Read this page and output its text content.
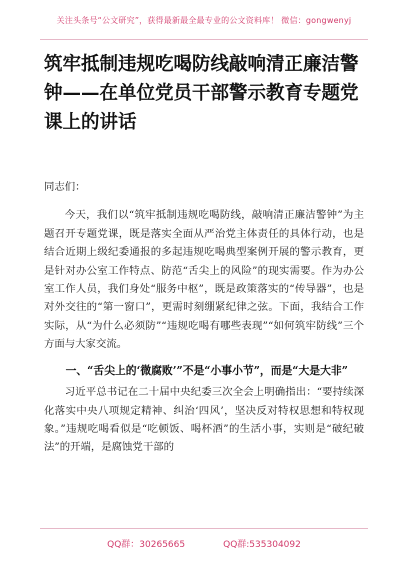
关注头条号“公文研究”，获得最新最全最专业的公文资料库！ 微信：gongwenyj
筑牢抵制违规吃喝防线敲响清正廉洁警钟——在单位党员干部警示教育专题党课上的讲话

同志们：

今天，我们以“筑牢抵制违规吃喝防线，敲响清正廉洁警钟”为主题召开专题党课，既是落实全面从严治党主体责任的具体行动，也是结合近期上级纪委通报的多起违规吃喝典型案例开展的警示教育，更是针对办公室工作特点、防范“舌尖上的风险”的现实需要。作为办公室工作人员，我们身处“服务中枢”，既是政策落实的“传导器”，也是对外交往的“第一窗口”，更需时刻绷紧纪律之弦。下面，我结合工作实际，从“为什么必须防”“违规吃喝有哪些表现”“如何筑牢防线”三个方面与大家交流。

一、“舌尖上的‘微腐败’”不是“小事小节”，而是“大是大非”

习近平总书记在二十届中央纪委三次全会上明确指出：“要持续深化落实中央八项规定精神、纠治‘四风’，坚决反对特权思想和特权现象。”违规吃喝看似是“吃顿饭、喝杯酒”的生活小事，实则是“破纪破法”的开端，是腐蚀党干部的

QQ群：30265665	QQ群:535304092
